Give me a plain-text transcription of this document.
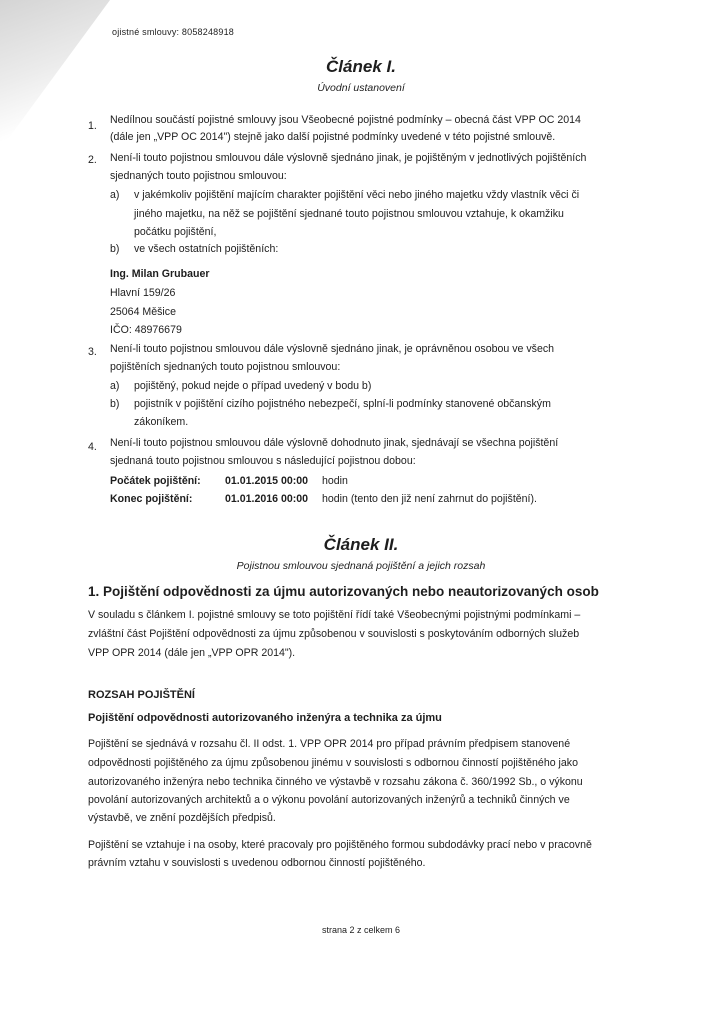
ojistné smlouvy: 8058248918
Článek I.
Úvodní ustanovení
1. Nedílnou součástí pojistné smlouvy jsou Všeobecné pojistné podmínky – obecná část VPP OC 2014
(dále jen „VPP OC 2014") stejně jako další pojistné podmínky uvedené v této pojistné smlouvě.
2. Není-li touto pojistnou smlouvou dále výslovně sjednáno jinak, je pojištěným v jednotlivých pojištěních
sjednaných touto pojistnou smlouvou:
a) v jakémkoliv pojištění majícím charakter pojištění věci nebo jiného majetku vždy vlastník věci či
jiného majetku, na něž se pojištění sjednané touto pojistnou smlouvou vztahuje, k okamžiku
počátku pojištění,
b) ve všech ostatních pojištěních:
Ing. Milan Grubauer
Hlavní 159/26
25064 Měšice
IČO: 48976679
3. Není-li touto pojistnou smlouvou dále výslovně sjednáno jinak, je oprávněnou osobou ve všech
pojištěních sjednaných touto pojistnou smlouvou:
a) pojištěný, pokud nejde o případ uvedený v bodu b)
b) pojistník v pojištění cizího pojistného nebezpečí, splní-li podmínky stanovené občanským
zákoníkem.
4. Není-li touto pojistnou smlouvou dále výslovně dohodnuto jinak, sjednávají se všechna pojištění
sjednaná touto pojistnou smlouvou s následující pojistnou dobou:
Počátek pojištění: 01.01.2015 00:00 hodin
Konec pojištění:	01.01.2016 00:00 hodin (tento den již není zahrnut do pojištění).
Článek II.
Pojistnou smlouvou sjednaná pojištění a jejich rozsah
1. Pojištění odpovědnosti za újmu autorizovaných nebo neautorizovaných osob
V souladu s článkem I. pojistné smlouvy se toto pojištění řídí také Všeobecnými pojistnými podmínkami –
zvláštní část Pojištění odpovědnosti za újmu způsobenou v souvislosti s poskytováním odborných služeb
VPP OPR 2014 (dále jen „VPP OPR 2014").
ROZSAH POJIŠTĚNÍ
Pojištění odpovědnosti autorizovaného inženýra a technika za újmu
Pojištění se sjednává v rozsahu čl. II odst. 1. VPP OPR 2014 pro případ právním předpisem stanovené
odpovědnosti pojištěného za újmu způsobenou jinému v souvislosti s odbornou činností pojištěného jako
autorizovaného inženýra nebo technika činného ve výstavbě v rozsahu zákona č. 360/1992 Sb., o výkonu
povolání autorizovaných architektů a o výkonu povolání autorizovaných inženýrů a techniků činných ve
výstavbě, ve znění pozdějších předpisů.
Pojištění se vztahuje i na osoby, které pracovaly pro pojištěného formou subdodávky prací nebo v pracovně
právním vztahu v souvislosti s uvedenou odbornou činností pojištěného.
strana 2 z celkem 6
